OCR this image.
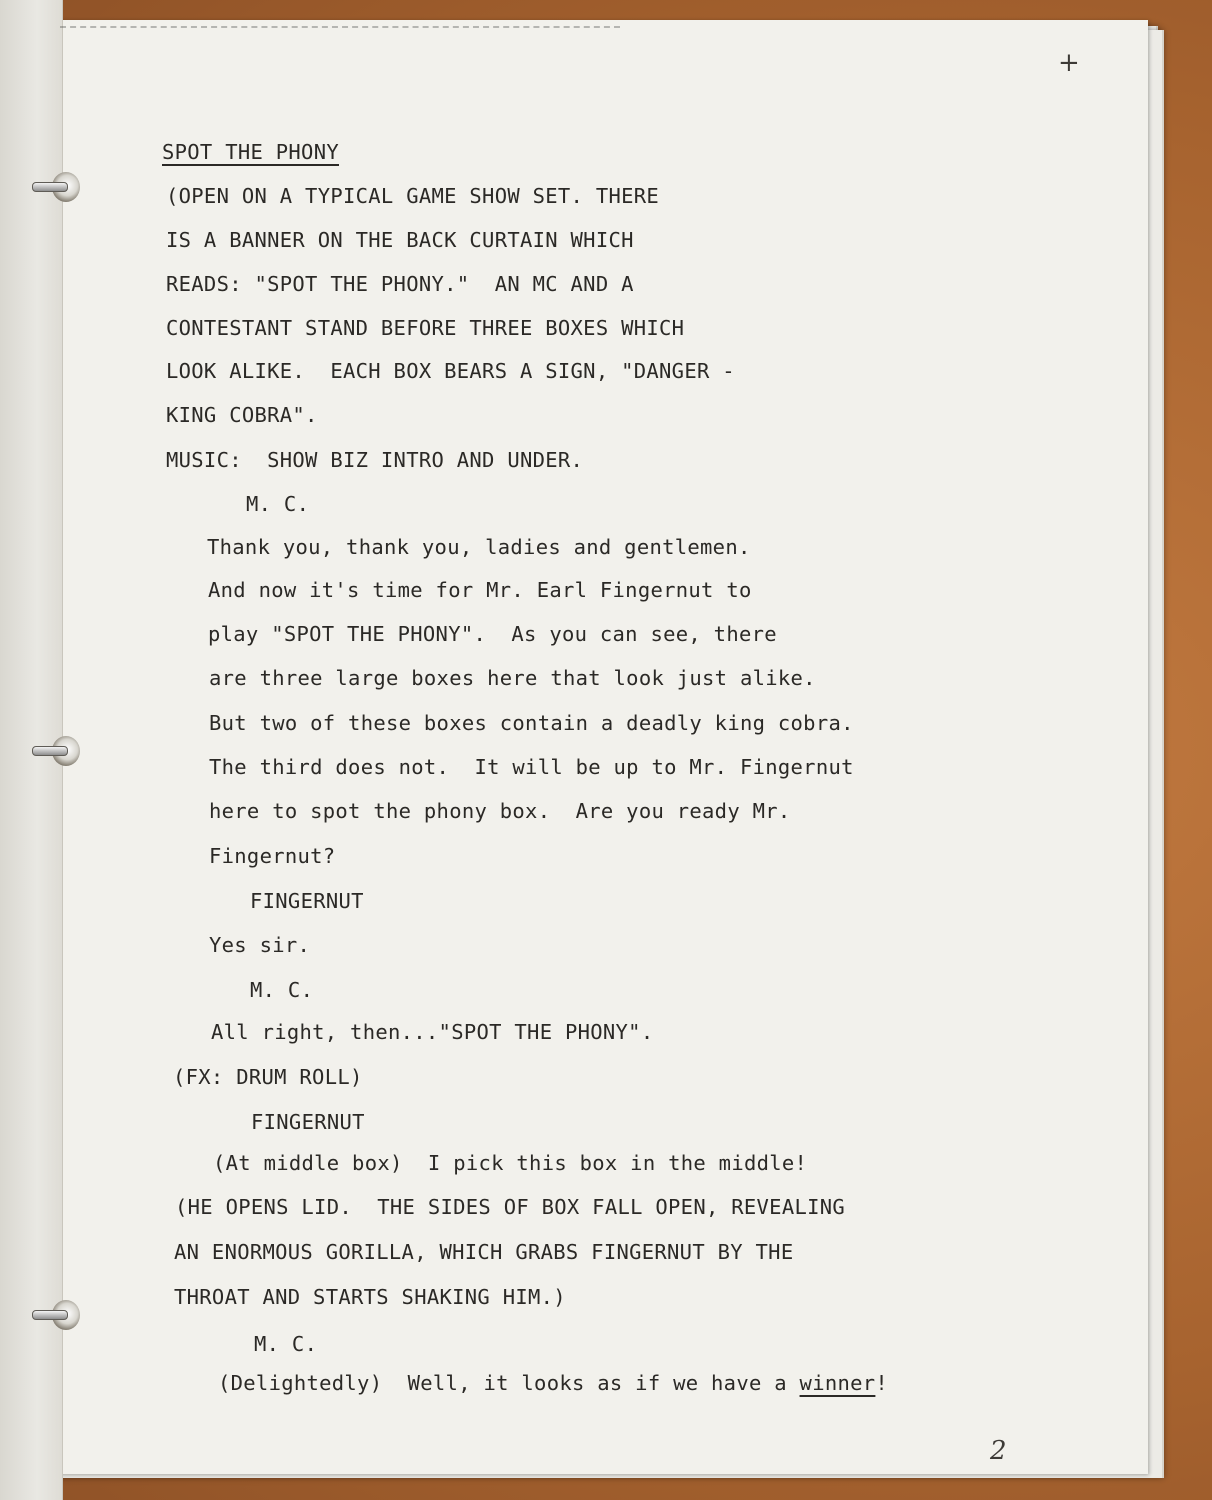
+
SPOT THE PHONY
(OPEN ON A TYPICAL GAME SHOW SET. THERE
IS A BANNER ON THE BACK CURTAIN WHICH
READS: "SPOT THE PHONY."  AN MC AND A
CONTESTANT STAND BEFORE THREE BOXES WHICH
LOOK ALIKE.  EACH BOX BEARS A SIGN, "DANGER -
KING COBRA".
MUSIC:  SHOW BIZ INTRO AND UNDER.
M. C.
Thank you, thank you, ladies and gentlemen.
And now it's time for Mr. Earl Fingernut to
play "SPOT THE PHONY".  As you can see, there
are three large boxes here that look just alike.
But two of these boxes contain a deadly king cobra.
The third does not.  It will be up to Mr. Fingernut
here to spot the phony box.  Are you ready Mr.
Fingernut?
FINGERNUT
Yes sir.
M. C.
All right, then..."SPOT THE PHONY".
(FX: DRUM ROLL)
FINGERNUT
(At middle box)  I pick this box in the middle!
(HE OPENS LID.  THE SIDES OF BOX FALL OPEN, REVEALING
AN ENORMOUS GORILLA, WHICH GRABS FINGERNUT BY THE
THROAT AND STARTS SHAKING HIM.)
M. C.
(Delightedly)  Well, it looks as if we have a winner!
2
